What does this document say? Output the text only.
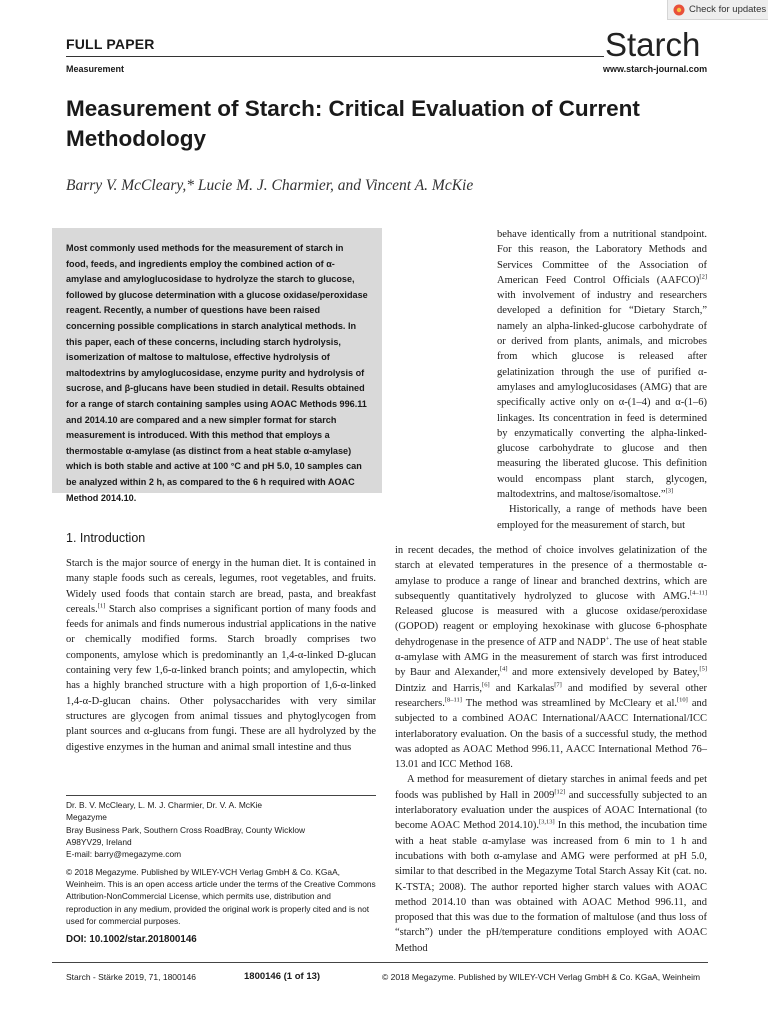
Check for updates
FULL PAPER
Measurement
Starch
www.starch-journal.com
Measurement of Starch: Critical Evaluation of Current Methodology
Barry V. McCleary,* Lucie M. J. Charmier, and Vincent A. McKie

Most commonly used methods for the measurement of starch in food, feeds, and ingredients employ the combined action of α-amylase and amyloglucosidase to hydrolyze the starch to glucose, followed by glucose determination with a glucose oxidase/peroxidase reagent. Recently, a number of questions have been raised concerning possible complications in starch analytical methods. In this paper, each of these concerns, including starch hydrolysis, isomerization of maltose to maltulose, effective hydrolysis of maltodextrins by amyloglucosidase, enzyme purity and hydrolysis of sucrose, and β-glucans have been studied in detail. Results obtained for a range of starch containing samples using AOAC Methods 996.11 and 2014.10 are compared and a new simpler format for starch measurement is introduced. With this method that employs a thermostable α-amylase (as distinct from a heat stable α-amylase) which is both stable and active at 100 °C and pH 5.0, 10 samples can be analyzed within 2 h, as compared to the 6 h required with AOAC Method 2014.10.

behave identically from a nutritional standpoint. For this reason, the Laboratory Methods and Services Committee of the Association of American Feed Control Officials (AAFCO)[2] with involvement of industry and researchers developed a definition for “Dietary Starch,” namely an alpha-linked-glucose carbohydrate of or derived from plants, animals, and microbes from which glucose is released after gelatinization through the use of purified α-amylases and amyloglucosidases (AMG) that are specifically active only on α-(1–4) and α-(1–6) linkages. Its concentration in feed is determined by enzymatically converting the alpha-linked-glucose carbohydrate to glucose and then measuring the liberated glucose. This definition would encompass plant starch, glycogen, maltodextrins, and maltose/isomaltose.”[3]

Historically, a range of methods have been employed for the measurement of starch, but

1. Introduction

Starch is the major source of energy in the human diet. It is contained in many staple foods such as cereals, legumes, root vegetables, and fruits. Widely used foods that contain starch are bread, pasta, and breakfast cereals.[1] Starch also comprises a significant portion of many foods and feeds for animals and finds numerous industrial applications in the native or chemically modified forms. Starch broadly comprises two components, amylose which is predominantly an 1,4-α-linked D-glucan containing very few 1,6-α-linked branch points; and amylopectin, which has a highly branched structure with a high proportion of 1,6-α-linked 1,4-α-D-glucan chains. Other polysaccharides with very similar structures are glycogen from animal tissues and phytoglycogen from plant sources and α-glucans from fungi. These are all hydrolyzed by the digestive enzymes in the human and animal small intestine and thus

in recent decades, the method of choice involves gelatinization of the starch at elevated temperatures in the presence of a thermostable α-amylase to produce a range of linear and branched dextrins, which are subsequently quantitatively hydrolyzed to glucose with AMG.[4–11] Released glucose is measured with a glucose oxidase/peroxidase (GOPOD) reagent or employing hexokinase with glucose 6-phosphate dehydrogenase in the presence of ATP and NADP+. The use of heat stable α-amylase with AMG in the measurement of starch was first introduced by Baur and Alexander,[4] and more extensively developed by Batey,[5] Dintziz and Harris,[6] and Karkalas[7] and modified by several other researchers.[8–11] The method was streamlined by McCleary et al.[10] and subjected to a combined AOAC International/AACC International/ICC interlaboratory evaluation. On the basis of a successful study, the method was adopted as AOAC Method 996.11, AACC International Method 76–13.01 and ICC Method 168.

A method for measurement of dietary starches in animal feeds and pet foods was published by Hall in 2009[12] and successfully subjected to an interlaboratory evaluation under the auspices of AOAC International (to become AOAC Method 2014.10).[3,13] In this method, the incubation time with a heat stable α-amylase was increased from 6 min to 1 h and incubations with both α-amylase and AMG were performed at pH 5.0, similar to that described in the Megazyme Total Starch Assay Kit (cat. no. K-TSTA; 2008). The author reported higher starch values with AOAC method 2014.10 than was obtained with AOAC Method 996.11, and proposed that this was due to the formation of maltulose (and thus loss of “starch”) under the pH/temperature conditions employed with AOAC Method

Dr. B. V. McCleary, L. M. J. Charmier, Dr. V. A. McKie

Megazyme

Bray Business Park, Southern Cross RoadBray, County Wicklow

A98YV29, Ireland

E-mail: barry@megazyme.com

© 2018 Megazyme. Published by WILEY-VCH Verlag GmbH & Co. KGaA, Weinheim. This is an open access article under the terms of the Creative Commons Attribution-NonCommercial License, which permits use, distribution and reproduction in any medium, provided the original work is properly cited and is not used for commercial purposes.
DOI: 10.1002/star.201800146
Starch - Stärke 2019, 71, 1800146	1800146 (1 of 13)	© 2018 Megazyme. Published by WILEY-VCH Verlag GmbH & Co. KGaA, Weinheim
